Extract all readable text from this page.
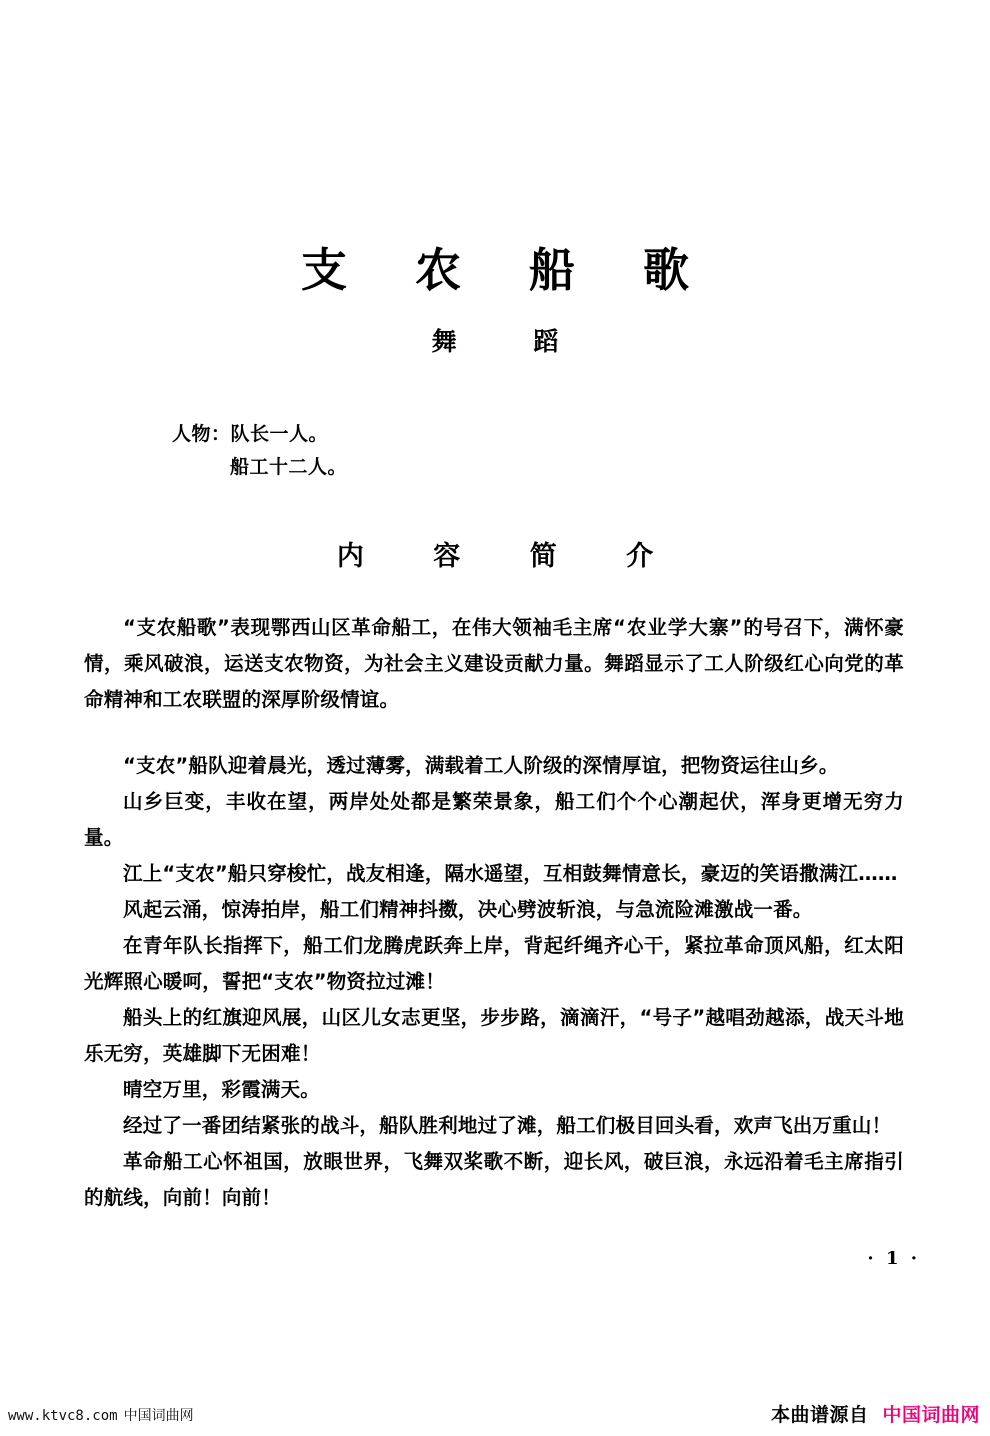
支 农 船 歌
舞 蹈
人物：队长一人。
船工十二人。
内 容 简 介

“支农船歌”表现鄂西山区革命船工，在伟大领袖毛主席“农业学大寨”的号召下，满怀豪情，乘风破浪，运送支农物资，为社会主义建设贡献力量。舞蹈显示了工人阶级红心向党的革命精神和工农联盟的深厚阶级情谊。

“支农”船队迎着晨光，透过薄雾，满载着工人阶级的深情厚谊，把物资运往山乡。

山乡巨变，丰收在望，两岸处处都是繁荣景象，船工们个个心潮起伏，浑身更增无穷力量。

江上“支农”船只穿梭忙，战友相逢，隔水遥望，互相鼓舞情意长，豪迈的笑语撒满江……

风起云涌，惊涛拍岸，船工们精神抖擞，决心劈波斩浪，与急流险滩激战一番。

在青年队长指挥下，船工们龙腾虎跃奔上岸，背起纤绳齐心干，紧拉革命顶风船，红太阳光辉照心暖呵，誓把“支农”物资拉过滩！

船头上的红旗迎风展，山区儿女志更坚，步步路，滴滴汗，“号子”越唱劲越添，战天斗地乐无穷，英雄脚下无困难！

晴空万里，彩霞满天。

经过了一番团结紧张的战斗，船队胜利地过了滩，船工们极目回头看，欢声飞出万重山！

革命船工心怀祖国，放眼世界，飞舞双桨歌不断，迎长风，破巨浪，永远沿着毛主席指引的航线，向前！向前！

· 1 ·
www.ktvc8.com 中国词曲网	本曲谱源自 中国词曲网
